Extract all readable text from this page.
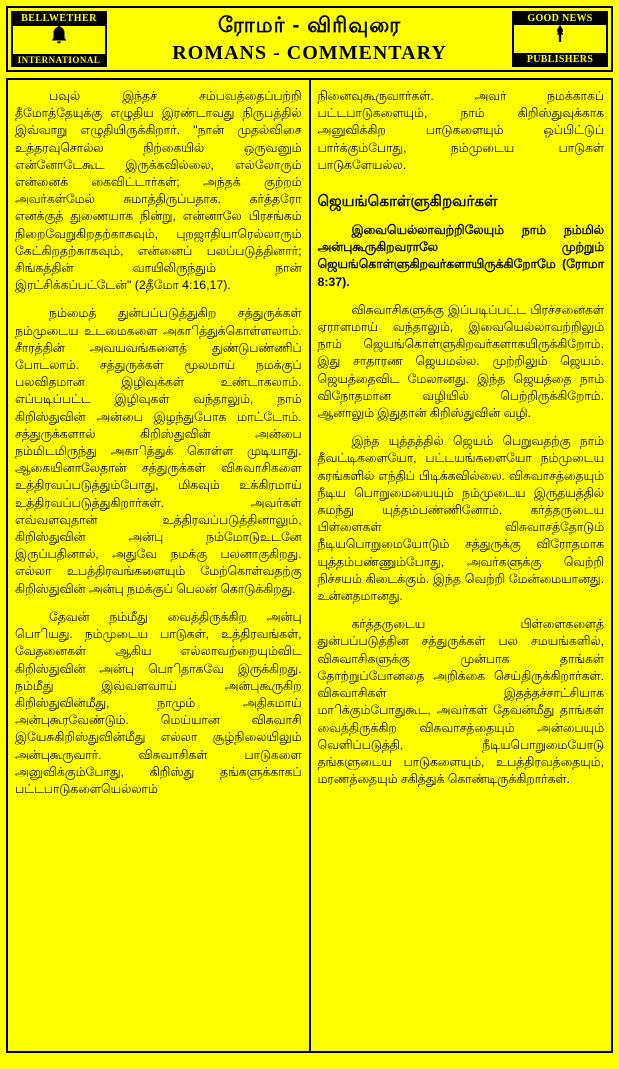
BELLWETHER
INTERNATIONAL
ரோமர் - விரிவுரை
ROMANS - COMMENTARY
GOOD NEWS
PUBLISHERS

பவுல் இந்தச் சம்பவத்தைப்பற்றி தீமோத்தேயுக்கு எழுதிய இரண்டாவது நிருபத்தில் இவ்வாறு எழுதியிருக்கிறார். "நான் முதல்விசை உத்தரவுசொல்ல நிற்கையில் ஒருவனும் என்னோடேகூட இருக்கவில்லை, எல்லோரும் என்னைக் கைவிட்டார்கள்; அந்தக் குற்றம் அவர்கள்மேல் சுமாத்திருப்பதாக. கர்த்தரோ எனக்குத் துணையாக நின்று, என்னாலே பிரசங்கம் நிறைவேறுகிறதற்காகவும், புறஜாதியாரெல்லாரும் கேட்கிறதற்காகவும், என்னைப் பலப்படுத்தினார்; சிங்கத்தின் வாயிலிருந்தும் நான் இரட்சிக்கப்பட்டேன்" (2தீமோ 4:16,17).

நம்மைத் துன்பப்படுத்துகிற சத்துருக்கள் நம்முடைய உடமைகளை அகாித்துக்கொள்ளலாம். சாீரத்தின் அவயவங்களைத் துண்டுபண்ணிப் போடலாம். சத்துருக்கள் மூலமாய் நமக்குப் பலவிதமான இழிவுக்கள் உண்டாகலாம். எப்படிப்பட்ட இழிவுகள் வந்தாலும், நாம் கிறிஸ்துவின் அன்பை இழந்துபோக மாட்டோம். சத்துருக்களால் கிறிஸ்துவின் அன்பை நம்மிடமிருந்து அகாித்துக் கொள்ள முடியாது. ஆகையினாலேதான் சத்துருக்கள் விசுவாசிகளை உத்திரவப்படுத்தும்போது, மிகவும் உக்கிரமாய் உத்திரவப்படுத்துகிறார்கள். அவர்கள் எவ்வளவுதான் உத்திரவப்படுத்தினாலும், கிறிஸ்துவின் அன்பு நம்மோடுஉடனே இருப்பதினால், அதுவே நமக்கு பலனாகுகிறது. எல்லா உபத்திரவங்களையும் மேற்கொள்வதற்கு கிறிஸ்துவின் அன்பு நமக்குப் பெலன் கொடுக்கிறது.

தேவன் நம்மீது வைத்திருக்கிற அன்பு பொியது. நம்முடைய பாடுகள், உத்திரவங்கள், வேதனைகள் ஆகிய எல்லாவற்றையும்விட கிறிஸ்துவின் அன்பு பொிதாகவே இருக்கிறது. நம்மீது இவ்வளவாய் அன்புகூருகிற கிறிஸ்துவின்மீது, நாமும் அதிகமாய் அன்புகூரவேண்டும். மெய்யான விசுவாசி இயேசுகிறிஸ்துவின்மீது எல்லா சூழ்நிலையிலும் அன்புகூருவார். விசுவாசிகள் பாடுகளை அனுவிக்கும்போது, கிறிஸ்து தங்களுக்காகப் பட்டபாடுகளையெல்லாம்

நினைவுகூருவார்கள். அவர் நமக்காகப் பட்டபாடுகளையும், நாம் கிறிஸ்துவுக்காக அனுவிக்கிற பாடுகளையும் ஒப்பிட்டுப் பார்க்கும்போது, நம்முடைய பாடுகள் பாடுகளேயல்ல.

ஜெயங்கொள்ளுகிறவர்கள்

இவையெல்லாவற்றிலேயும் நாம் நம்மில் அன்புகூருகிறவராலே முற்றும் ஜெயங்கொள்ளுகிறவர்களாயிருக்கிறோமே (ரோமா 8:37).

விசுவாசிகளுக்கு இப்படிப்பட்ட பிரச்சனைகள் ஏராளமாய் வந்தாலும், இவையெல்லாவற்றிலும் நாம் ஜெயங்கொள்ளுகிறவர்களாகயிருக்கிறோம். இது சாதாரண ஜெயமல்ல. முற்றிலும் ஜெயம். ஜெயத்தைவிட மேலானது. இந்த ஜெயத்தை நாம் விநோதமான வழியில் பெற்றிருக்கிறோம். ஆனாலும் இதுதான் கிறிஸ்துவின் வழி.

இந்த யுத்தத்தில் ஜெயம் பெறுவதற்கு நாம் தீவட்டிகளையோ, பட்டயங்களையோ நம்முடைய கரங்களில் எந்திப் பிடிக்கவில்லை. விசுவாசத்தையும் நீடிய பொறுமையையும் நம்முடைய இருதயத்தில் சுமந்து யுத்தம்பண்ணினோம். கர்த்தருடைய பிள்ளைகள் விசுவாசத்தோடும் நீடியபொறுமையோடும் சத்துருக்கு விரோதமாக யுத்தம்பண்ணும்போது, அவர்களுக்கு வெற்றி நிச்சயம் கிடைக்கும். இந்த வெற்றி மேன்மையானது. உன்னதமானது.

கர்த்தருடைய பிள்ளைகளைத் துன்பப்படுத்தின சத்துருக்கள் பல சமயங்களில், விசுவாசிகளுக்கு முன்பாக தாங்கள் தோற்றுப்போனதை அறிக்கை செய்திருக்கிறார்கள். விசுவாசிகள் இதத்தச்சாட்சியாக மாிக்கும்போதுகூட, அவர்கள் தேவன்மீது தாங்கள் வைத்திருக்கிற விசுவாசத்தையும் அன்பையும் வெளிப்படுத்தி, நீடியபொறுமையோடு தங்களுடைய பாடுகளையும், உபத்திரவத்தையும், மரணத்தையும் சகித்துக் கொண்டிருக்கிறார்கள்.
